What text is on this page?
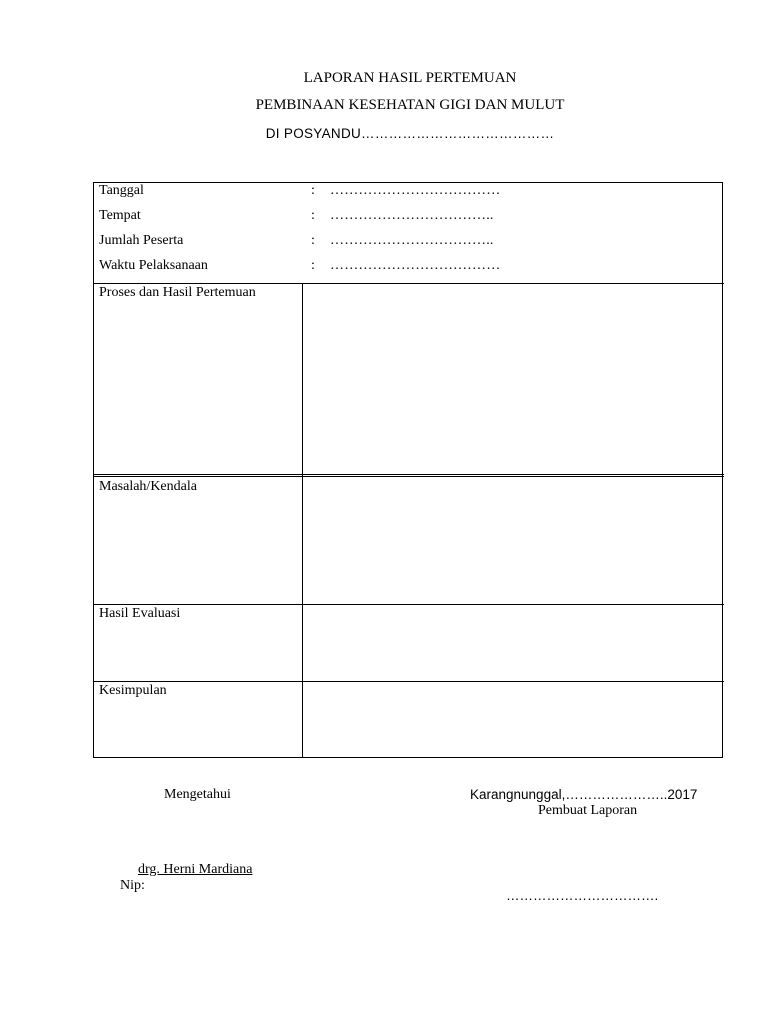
LAPORAN HASIL PERTEMUAN
PEMBINAAN KESEHATAN GIGI DAN MULUT
DI POSYANDU……………………………………
Tanggal	: ………………………………
Tempat	: ……………………………..
Jumlah Peserta	: ……………………………..
Waktu Pelaksanaan	: ………………………………
Proses dan Hasil Pertemuan
Masalah/Kendala
Hasil Evaluasi
Kesimpulan
Mengetahui	Karangnunggal,…………………..2017
Pembuat Laporan
drg. Herni Mardiana
Nip:
…………………………….
